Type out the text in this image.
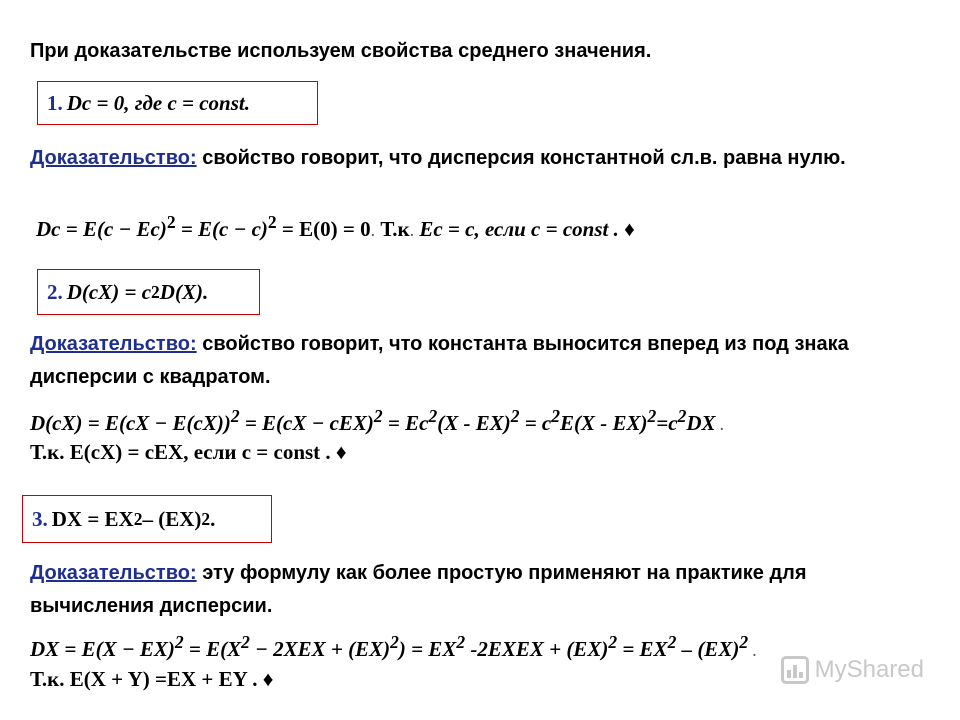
При доказательстве используем свойства среднего значения.
1. Dc = 0, где c = const.
Доказательство: свойство говорит, что дисперсия константной сл.в. равна нулю.
$Dc = E(c - Ec)^2 = E(c - c)^2 = E(0) = 0$. Т.к. Ec = c, если c = const . ♦
2. D(cX) = c 2 D(X).
Доказательство: свойство говорит, что константа выносится вперед из под знака дисперсии с квадратом.
$D(cX) = E(cX - E(cX))^2 = E(cX - cEX)^2 = Ec^2(X - EX)^2 = c^2E(X - EX)^2=c^2DX$ .
Т.к. E(cX) = cEX, если c = const . ♦
3. DX = EX 2 – (EX) 2 .
Доказательство: эту формулу как более простую применяют на практике для вычисления дисперсии.
DX = $E(X - EX)^2 = E(X^2 - 2XEX + (EX)^2) = EX^2$ -2EXEX + $(EX)^2 = EX^2 - (EX)^2$ .
Т.к. E(X + Y) =EX + EY . ♦	MyShared
